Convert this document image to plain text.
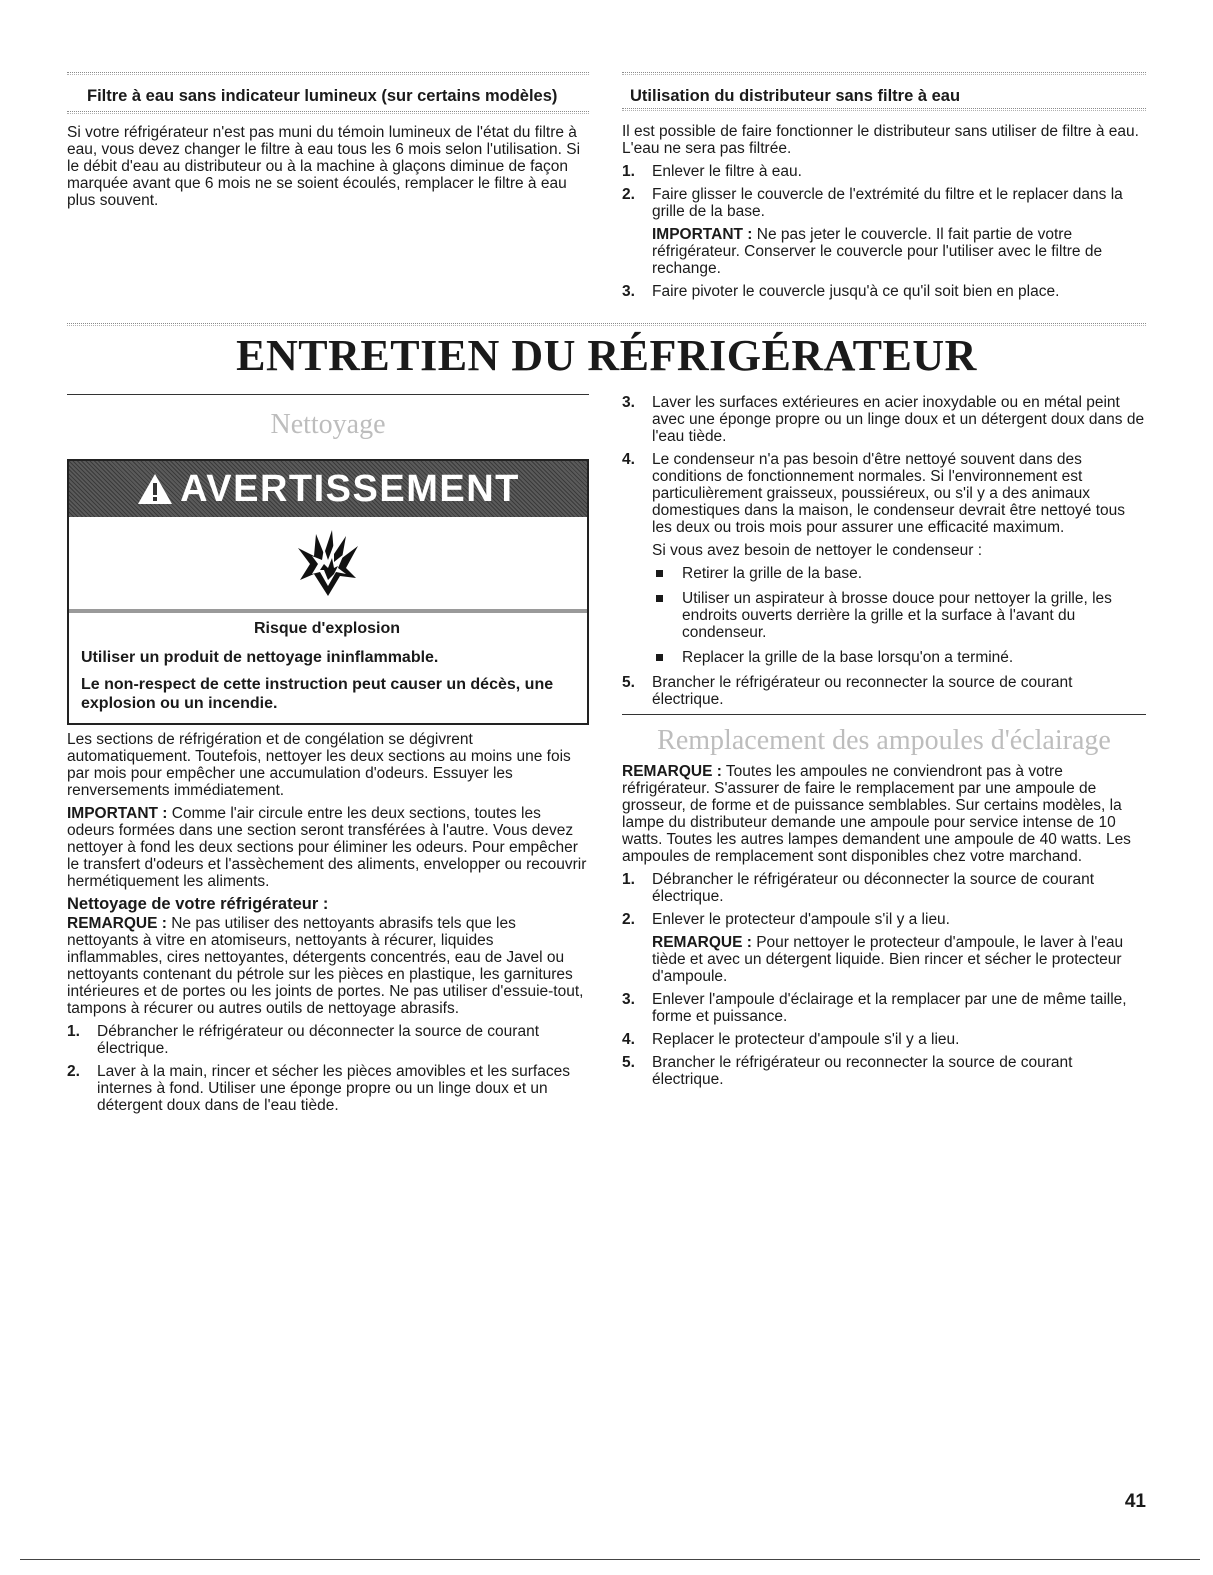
Filtre à eau sans indicateur lumineux (sur certains modèles)

Si votre réfrigérateur n'est pas muni du témoin lumineux de l'état du filtre à eau, vous devez changer le filtre à eau tous les 6 mois selon l'utilisation. Si le débit d'eau au distributeur ou à la machine à glaçons diminue de façon marquée avant que 6 mois ne se soient écoulés, remplacer le filtre à eau plus souvent.

Utilisation du distributeur sans filtre à eau

Il est possible de faire fonctionner le distributeur sans utiliser de filtre à eau. L'eau ne sera pas filtrée.

1. Enlever le filtre à eau.
2. Faire glisser le couvercle de l'extrémité du filtre et le replacer dans la grille de la base.
IMPORTANT : Ne pas jeter le couvercle. Il fait partie de votre réfrigérateur. Conserver le couvercle pour l'utiliser avec le filtre de rechange.
3. Faire pivoter le couvercle jusqu'à ce qu'il soit bien en place.
ENTRETIEN DU RÉFRIGÉRATEUR
Nettoyage
AVERTISSEMENT

Risque d'explosion

Utiliser un produit de nettoyage ininflammable.

Le non-respect de cette instruction peut causer un décès, une explosion ou un incendie.

Les sections de réfrigération et de congélation se dégivrent automatiquement. Toutefois, nettoyer les deux sections au moins une fois par mois pour empêcher une accumulation d'odeurs. Essuyer les renversements immédiatement.

IMPORTANT : Comme l'air circule entre les deux sections, toutes les odeurs formées dans une section seront transférées à l'autre. Vous devez nettoyer à fond les deux sections pour éliminer les odeurs. Pour empêcher le transfert d'odeurs et l'assèchement des aliments, envelopper ou recouvrir hermétiquement les aliments.

Nettoyage de votre réfrigérateur :

REMARQUE : Ne pas utiliser des nettoyants abrasifs tels que les nettoyants à vitre en atomiseurs, nettoyants à récurer, liquides inflammables, cires nettoyantes, détergents concentrés, eau de Javel ou nettoyants contenant du pétrole sur les pièces en plastique, les garnitures intérieures et de portes ou les joints de portes. Ne pas utiliser d'essuie-tout, tampons à récurer ou autres outils de nettoyage abrasifs.

1. Débrancher le réfrigérateur ou déconnecter la source de courant électrique.
2. Laver à la main, rincer et sécher les pièces amovibles et les surfaces internes à fond. Utiliser une éponge propre ou un linge doux et un détergent doux dans de l'eau tiède.
3. Laver les surfaces extérieures en acier inoxydable ou en métal peint avec une éponge propre ou un linge doux et un détergent doux dans de l'eau tiède.
4. Le condenseur n'a pas besoin d'être nettoyé souvent dans des conditions de fonctionnement normales. Si l'environnement est particulièrement graisseux, poussiéreux, ou s'il y a des animaux domestiques dans la maison, le condenseur devrait être nettoyé tous les deux ou trois mois pour assurer une efficacité maximum.
Si vous avez besoin de nettoyer le condenseur :
Retirer la grille de la base.
Utiliser un aspirateur à brosse douce pour nettoyer la grille, les endroits ouverts derrière la grille et la surface à l'avant du condenseur.
Replacer la grille de la base lorsqu'on a terminé.
5. Brancher le réfrigérateur ou reconnecter la source de courant électrique.
Remplacement des ampoules d'éclairage

REMARQUE : Toutes les ampoules ne conviendront pas à votre réfrigérateur. S'assurer de faire le remplacement par une ampoule de grosseur, de forme et de puissance semblables. Sur certains modèles, la lampe du distributeur demande une ampoule pour service intense de 10 watts. Toutes les autres lampes demandent une ampoule de 40 watts. Les ampoules de remplacement sont disponibles chez votre marchand.

1. Débrancher le réfrigérateur ou déconnecter la source de courant électrique.
2. Enlever le protecteur d'ampoule s'il y a lieu.
REMARQUE : Pour nettoyer le protecteur d'ampoule, le laver à l'eau tiède et avec un détergent liquide. Bien rincer et sécher le protecteur d'ampoule.
3. Enlever l'ampoule d'éclairage et la remplacer par une de même taille, forme et puissance.
4. Replacer le protecteur d'ampoule s'il y a lieu.
5. Brancher le réfrigérateur ou reconnecter la source de courant électrique.
41
